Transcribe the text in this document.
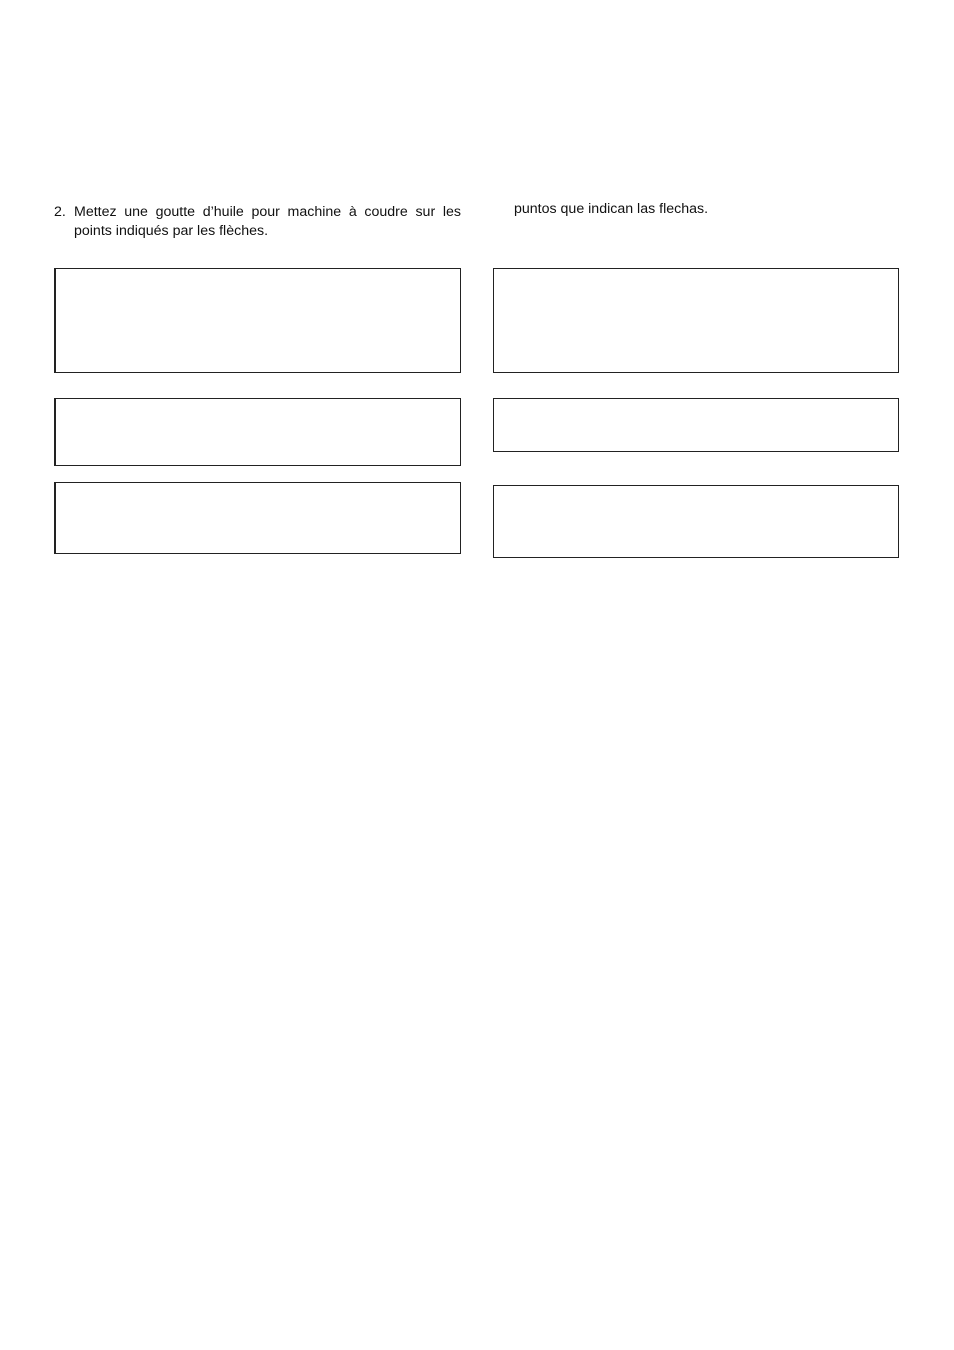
2. Mettez une goutte d’huile pour machine à coudre sur les points indiqués par les flèches.
puntos que indican las flechas.
